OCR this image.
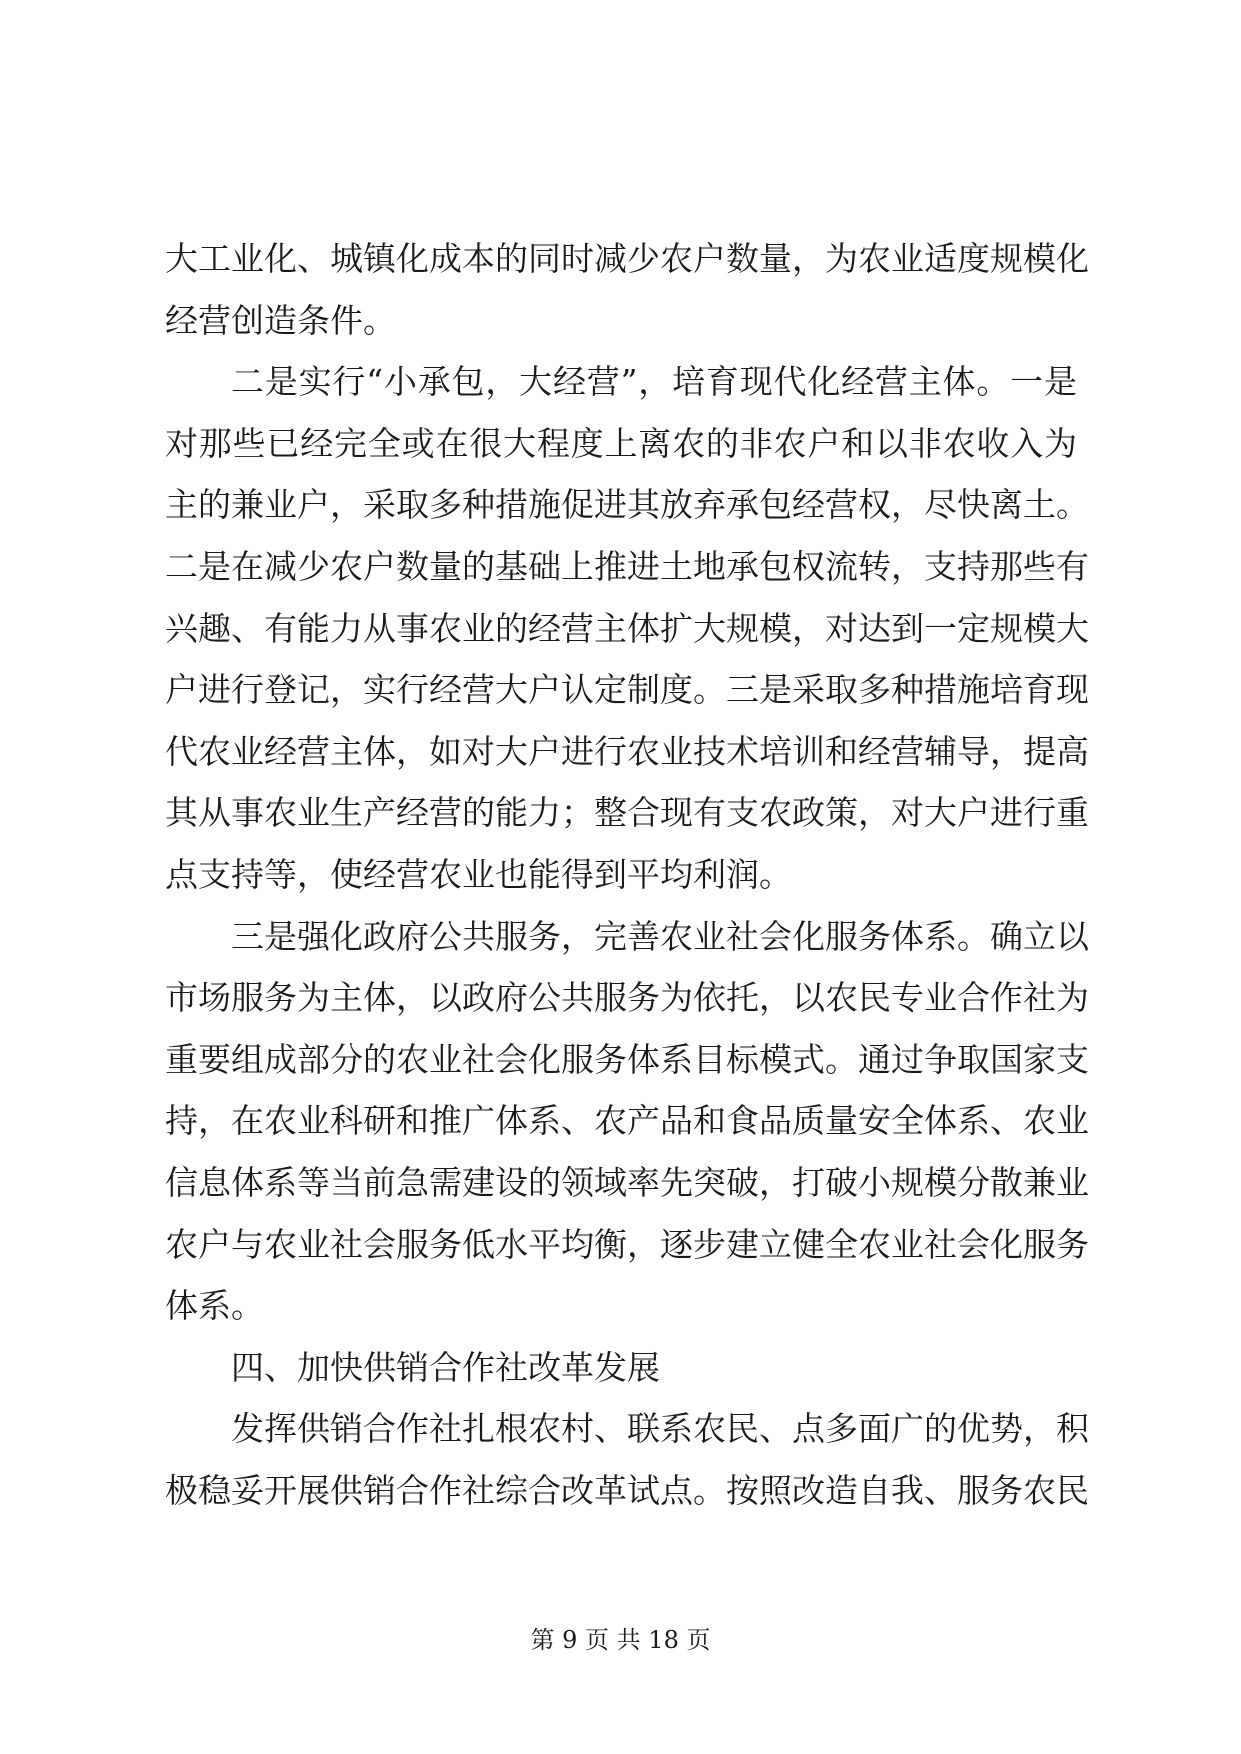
大工业化、城镇化成本的同时减少农户数量，为农业适度规模化
经营创造条件。
二是实行“小承包，大经营”，培育现代化经营主体。一是
对那些已经完全或在很大程度上离农的非农户和以非农收入为
主的兼业户，采取多种措施促进其放弃承包经营权，尽快离土。
二是在减少农户数量的基础上推进土地承包权流转，支持那些有
兴趣、有能力从事农业的经营主体扩大规模，对达到一定规模大
户进行登记，实行经营大户认定制度。三是采取多种措施培育现
代农业经营主体，如对大户进行农业技术培训和经营辅导，提高
其从事农业生产经营的能力；整合现有支农政策，对大户进行重
点支持等，使经营农业也能得到平均利润。
三是强化政府公共服务，完善农业社会化服务体系。确立以
市场服务为主体，以政府公共服务为依托，以农民专业合作社为
重要组成部分的农业社会化服务体系目标模式。通过争取国家支
持，在农业科研和推广体系、农产品和食品质量安全体系、农业
信息体系等当前急需建设的领域率先突破，打破小规模分散兼业
农户与农业社会服务低水平均衡，逐步建立健全农业社会化服务
体系。
四、加快供销合作社改革发展
发挥供销合作社扎根农村、联系农民、点多面广的优势，积
极稳妥开展供销合作社综合改革试点。按照改造自我、服务农民
第 9 页 共 18 页
